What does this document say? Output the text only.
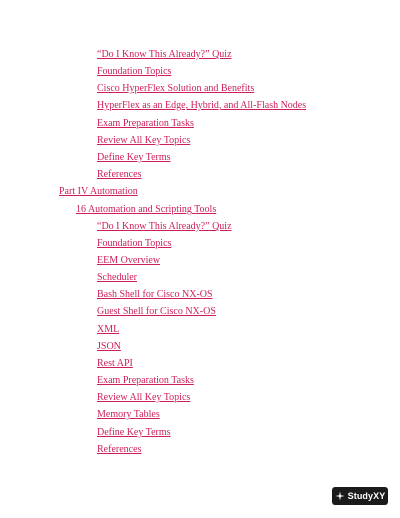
“Do I Know This Already?” Quiz
Foundation Topics
Cisco HyperFlex Solution and Benefits
HyperFlex as an Edge, Hybrid, and All-Flash Nodes
Exam Preparation Tasks
Review All Key Topics
Define Key Terms
References
Part IV Automation
16 Automation and Scripting Tools
“Do I Know This Already?” Quiz
Foundation Topics
EEM Overview
Scheduler
Bash Shell for Cisco NX-OS
Guest Shell for Cisco NX-OS
XML
JSON
Rest API
Exam Preparation Tasks
Review All Key Topics
Memory Tables
Define Key Terms
References
StudyXY
